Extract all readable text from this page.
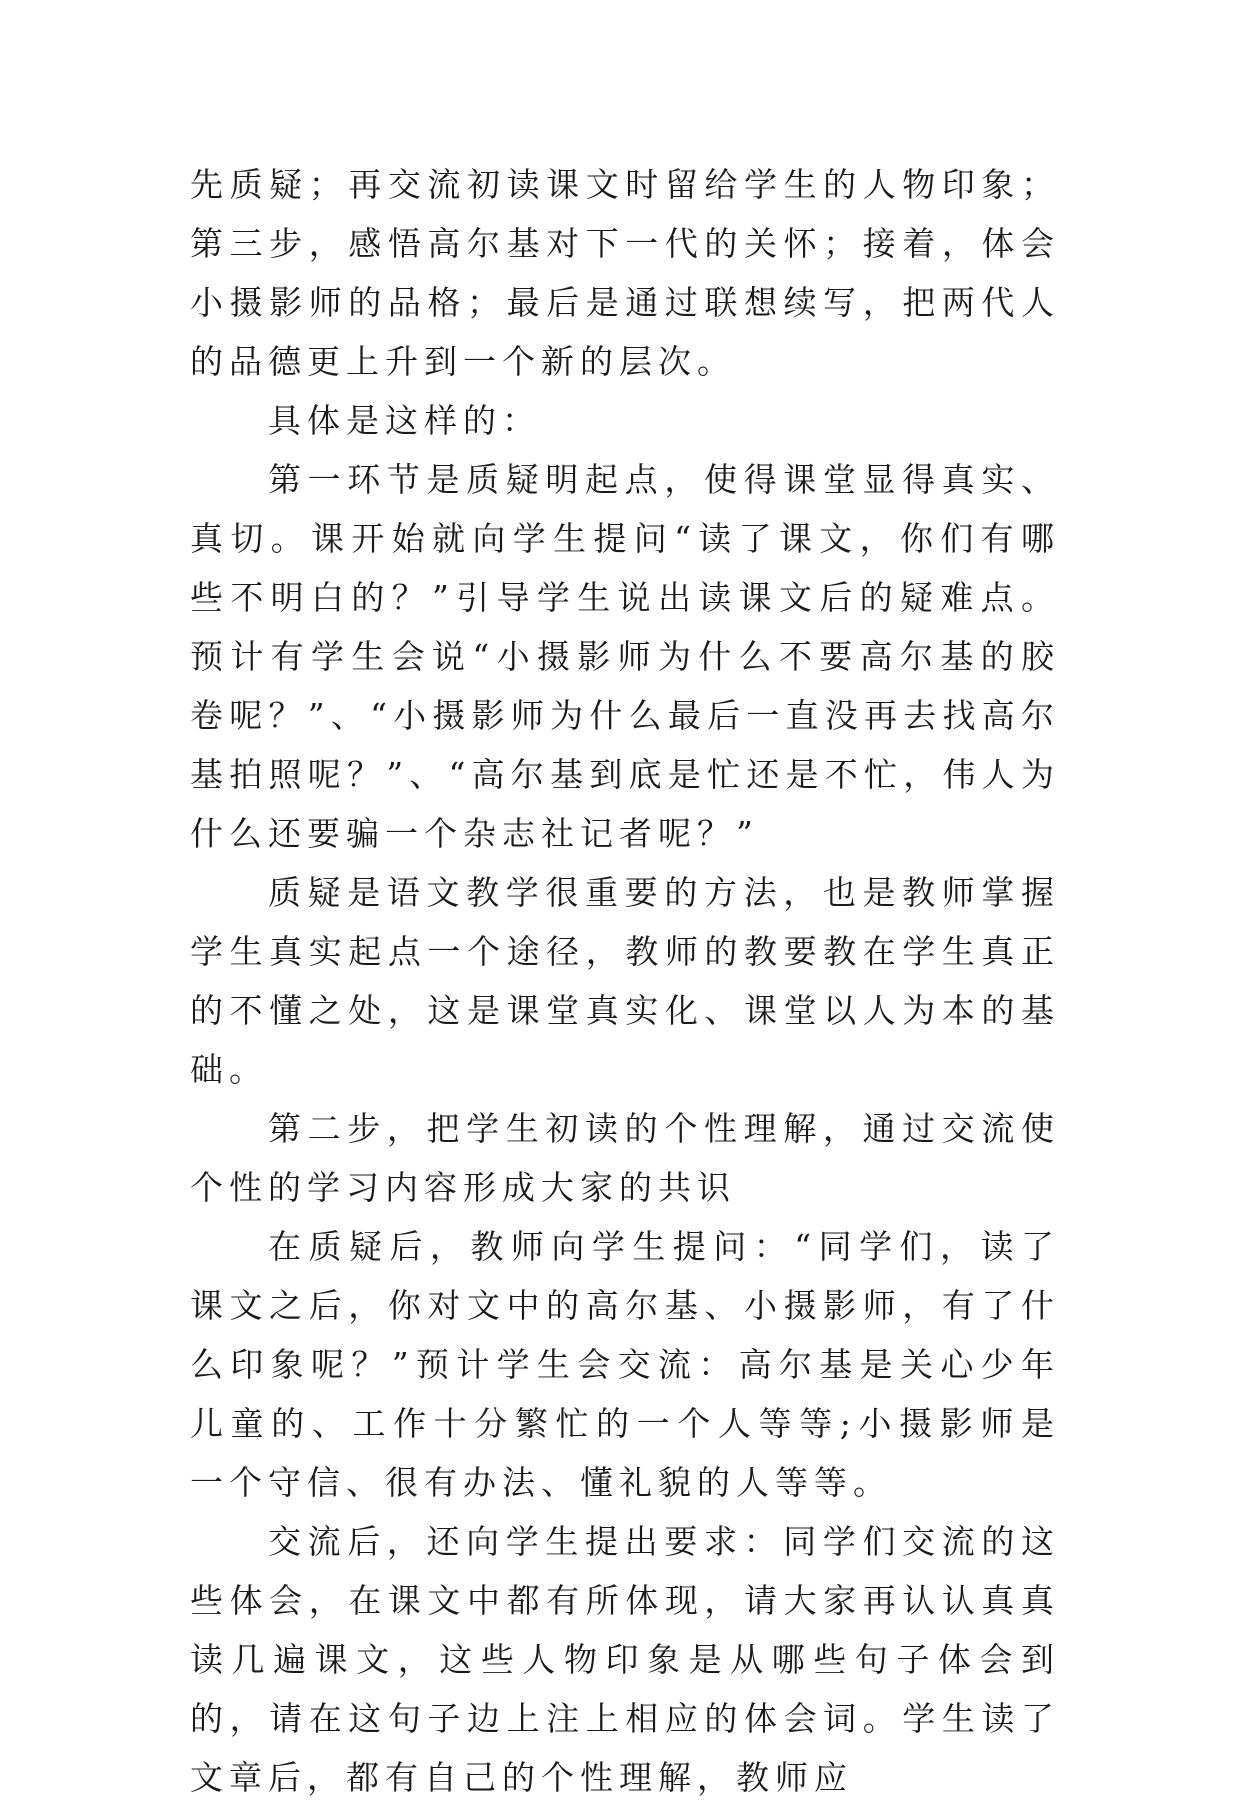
先质疑；再交流初读课文时留给学生的人物印象；第三步，感悟高尔基对下一代的关怀；接着，体会小摄影师的品格；最后是通过联想续写，把两代人的品德更上升到一个新的层次。

具体是这样的：

第一环节是质疑明起点，使得课堂显得真实、真切。课开始就向学生提问“读了课文，你们有哪些不明白的？”引导学生说出读课文后的疑难点。预计有学生会说“小摄影师为什么不要高尔基的胶卷呢？”、“小摄影师为什么最后一直没再去找高尔基拍照呢？”、“高尔基到底是忙还是不忙，伟人为什么还要骗一个杂志社记者呢？”

质疑是语文教学很重要的方法，也是教师掌握学生真实起点一个途径，教师的教要教在学生真正的不懂之处，这是课堂真实化、课堂以人为本的基础。

第二步，把学生初读的个性理解，通过交流使个性的学习内容形成大家的共识

在质疑后，教师向学生提问：“同学们，读了课文之后，你对文中的高尔基、小摄影师，有了什么印象呢？”预计学生会交流：高尔基是关心少年儿童的、工作十分繁忙的一个人等等;小摄影师是一个守信、很有办法、懂礼貌的人等等。

交流后，还向学生提出要求：同学们交流的这些体会，在课文中都有所体现，请大家再认认真真读几遍课文，这些人物印象是从哪些句子体会到的，请在这句子边上注上相应的体会词。学生读了文章后，都有自己的个性理解，教师应
